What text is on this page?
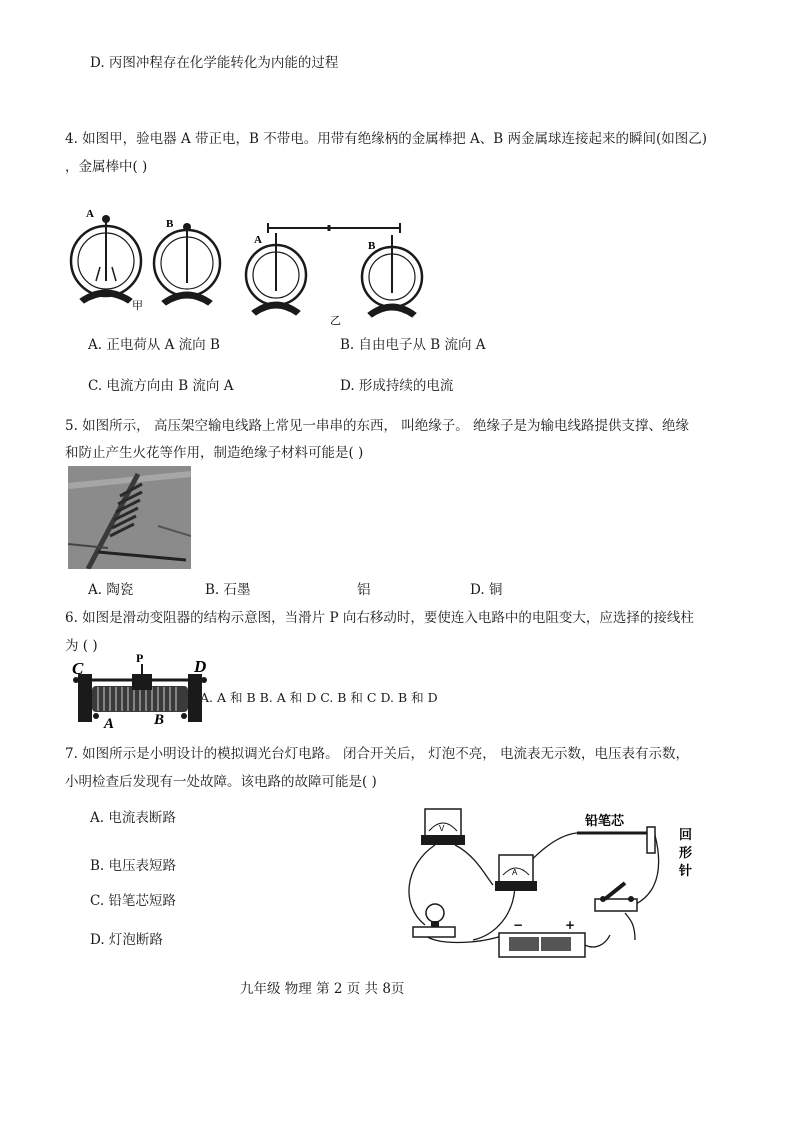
D. 丙图冲程存在化学能转化为内能的过程
4. 如图甲，验电器 A 带正电，B 不带电。用带有绝缘柄的金属棒把 A、B 两金属球连接起来的瞬间(如图乙)
，金属棒中( )
A
B
A	B
甲
乙
A. 正电荷从 A 流向 B	B. 自由电子从 B 流向 A
C. 电流方向由 B 流向 A	D. 形成持续的电流
5. 如图所示， 高压架空输电线路上常见一串串的东西， 叫绝缘子。 绝缘子是为输电线路提供支撑、绝缘
和防止产生火花等作用，制造绝缘子材料可能是( )
A. 陶瓷	B. 石墨	铝	D. 铜
6. 如图是滑动变阻器的结构示意图，当滑片 P 向右移动时，要使连入电路中的电阻变大，应选择的接线柱
为 ( )
C
P	D
A	B
A. A 和 B B. A 和 D C. B 和 C D. B 和 D
7. 如图所示是小明设计的模拟调光台灯电路。 闭合开关后， 灯泡不亮， 电流表无示数，电压表有示数，
小明检查后发现有一处故障。该电路的故障可能是( )
A. 电流表断路
B. 电压表短路
C. 铅笔芯短路
D. 灯泡断路
V
A
铅笔芯
回
形
针
−	+
九年级 物理 第 2 页 共 8页
